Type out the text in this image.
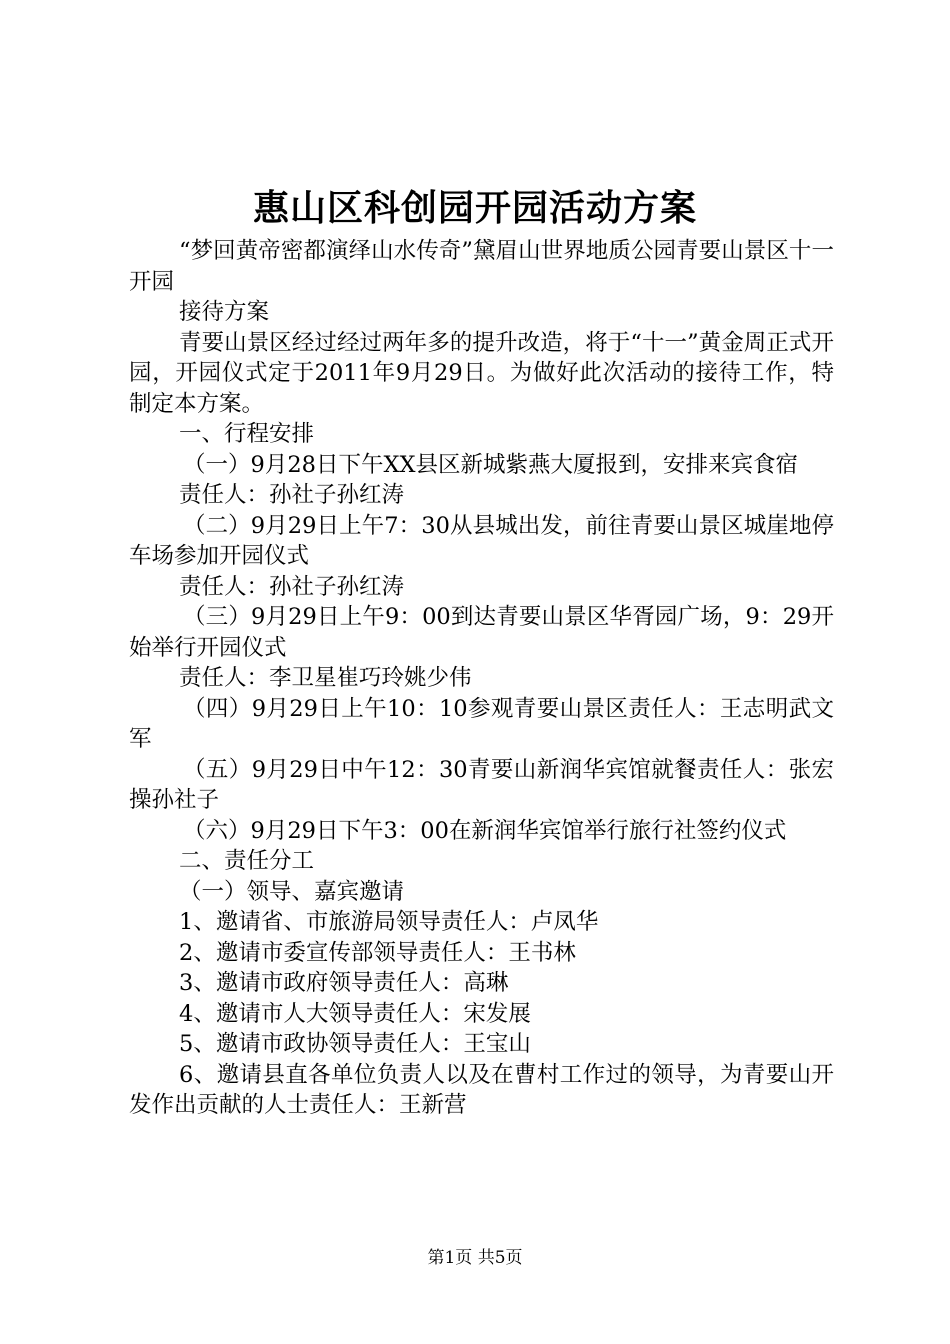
惠山区科创园开园活动方案

“梦回黄帝密都演绎山水传奇”黛眉山世界地质公园青要山景区十一开园

接待方案

青要山景区经过经过两年多的提升改造，将于“十一”黄金周正式开园，开园仪式定于2011年9月29日。为做好此次活动的接待工作，特制定本方案。

一、行程安排

（一）9月28日下午XX县区新城紫燕大厦报到，安排来宾食宿

责任人：孙社子孙红涛

（二）9月29日上午7：30从县城出发，前往青要山景区城崖地停车场参加开园仪式

责任人：孙社子孙红涛

（三）9月29日上午9：00到达青要山景区华胥园广场，9：29开始举行开园仪式

责任人：李卫星崔巧玲姚少伟

（四）9月29日上午10：10参观青要山景区责任人：王志明武文军

（五）9月29日中午12：30青要山新润华宾馆就餐责任人：张宏操孙社子

（六）9月29日下午3：00在新润华宾馆举行旅行社签约仪式

二、责任分工

（一）领导、嘉宾邀请

1、邀请省、市旅游局领导责任人：卢凤华

2、邀请市委宣传部领导责任人：王书林

3、邀请市政府领导责任人：高琳

4、邀请市人大领导责任人：宋发展

5、邀请市政协领导责任人：王宝山

6、邀请县直各单位负责人以及在曹村工作过的领导，为青要山开发作出贡献的人士责任人：王新营

第1页 共5页
